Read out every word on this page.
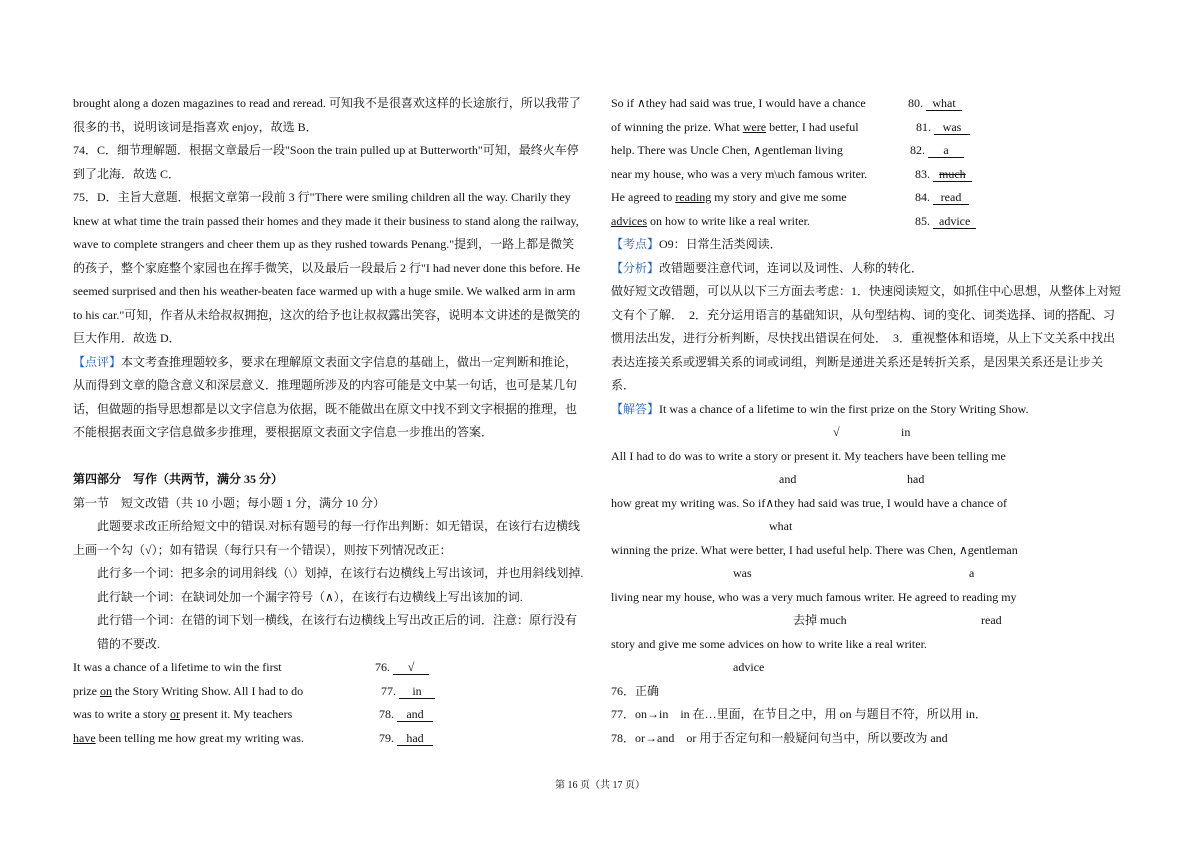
brought along a dozen magazines to read and reread. 可知我不是很喜欢这样的长途旅行，所以我带了

很多的书，说明该词是指喜欢 enjoy，故选 B．

74．C．细节理解题．根据文章最后一段"Soon the train pulled up at Butterworth"可知，最终火车停

到了北海．故选 C．

75．D．主旨大意题．根据文章第一段前 3 行"There were smiling children all the way. Charily they

knew at what time the train passed their homes and they made it their business to stand along the railway,

wave to complete strangers and cheer them up as they rushed towards Penang."提到，一路上都是微笑

的孩子，整个家庭整个家园也在挥手微笑，以及最后一段最后 2 行"I had never done this before. He

seemed surprised and then his weather-beaten face warmed up with a huge smile. We walked arm in arm

to his car."可知，作者从未给叔叔拥抱，这次的给予也让叔叔露出笑容，说明本文讲述的是微笑的

巨大作用．故选 D．

【点评】本文考查推理题较多，要求在理解原文表面文字信息的基础上，做出一定判断和推论，

从而得到文章的隐含意义和深层意义．推理题所涉及的内容可能是文中某一句话，也可是某几句

话，但做题的指导思想都是以文字信息为依据，既不能做出在原文中找不到文字根据的推理，也

不能根据表面文字信息做多步推理，要根据原文表面文字信息一步推出的答案．

第四部分　写作（共两节，满分 35 分）

第一节　短文改错（共 10 小题；每小题 1 分，满分 10 分）

此题要求改正所给短文中的错误.对标有题号的每一行作出判断：如无错误，在该行右边横线

上画一个勾（√）；如有错误（每行只有一个错误），则按下列情况改正：

此行多一个词：把多余的词用斜线（\）划掉，在该行右边横线上写出该词，并也用斜线划掉.

此行缺一个词：在缺词处加一个漏字符号（∧），在该行右边横线上写出该加的词.

此行错一个词：在错的词下划一横线，在该行右边横线上写出改正后的词．注意：原行没有

错的不要改.

It was a chance of a lifetime to win the first	76. √
prize on the Story Writing Show. All I had to do	77. in
was to write a story or present it. My teachers	78. and
have been telling me how great my writing was.	79. had
So if ∧they had said was true, I would have a chance	80. what
of winning the prize. What were better, I had useful	81. was
help. There was Uncle Chen, ∧gentleman living	82. a
near my house, who was a very m\uch famous writer.	83. much
He agreed to reading my story and give me some	84. read
advices on how to write like a real writer.	85. advice

【考点】O9：日常生活类阅读．

【分析】改错题要注意代词，连词以及词性、人称的转化．

做好短文改错题，可以从以下三方面去考虑：1．快速阅读短文，如抓住中心思想，从整体上对短

文有个了解．　2．充分运用语言的基础知识，从句型结构、词的变化、词类选择、词的搭配、习

惯用法出发，进行分析判断，尽快找出错误在何处．　3．重视整体和语境，从上下文关系中找出

表达连接关系或逻辑关系的词或词组，判断是递进关系还是转折关系，是因果关系还是让步关

系．

【解答】It was a chance of a lifetime to win the first prize on the Story Writing Show.

√	in

All I had to do was to write a story or present it. My teachers have been telling me

and	had

how great my writing was. So if∧they had said was true, I would have a chance of

what

winning the prize. What were better, I had useful help. There was Chen, ∧gentleman

was	a

living near my house, who was a very much famous writer. He agreed to reading my

去掉 much	read

story and give me some advices on how to write like a real writer.

advice

76．正确

77．on→in　in 在…里面，在节目之中，用 on 与题目不符，所以用 in．

78．or→and　or 用于否定句和一般疑问句当中，所以要改为 and

第 16 页（共 17 页）
